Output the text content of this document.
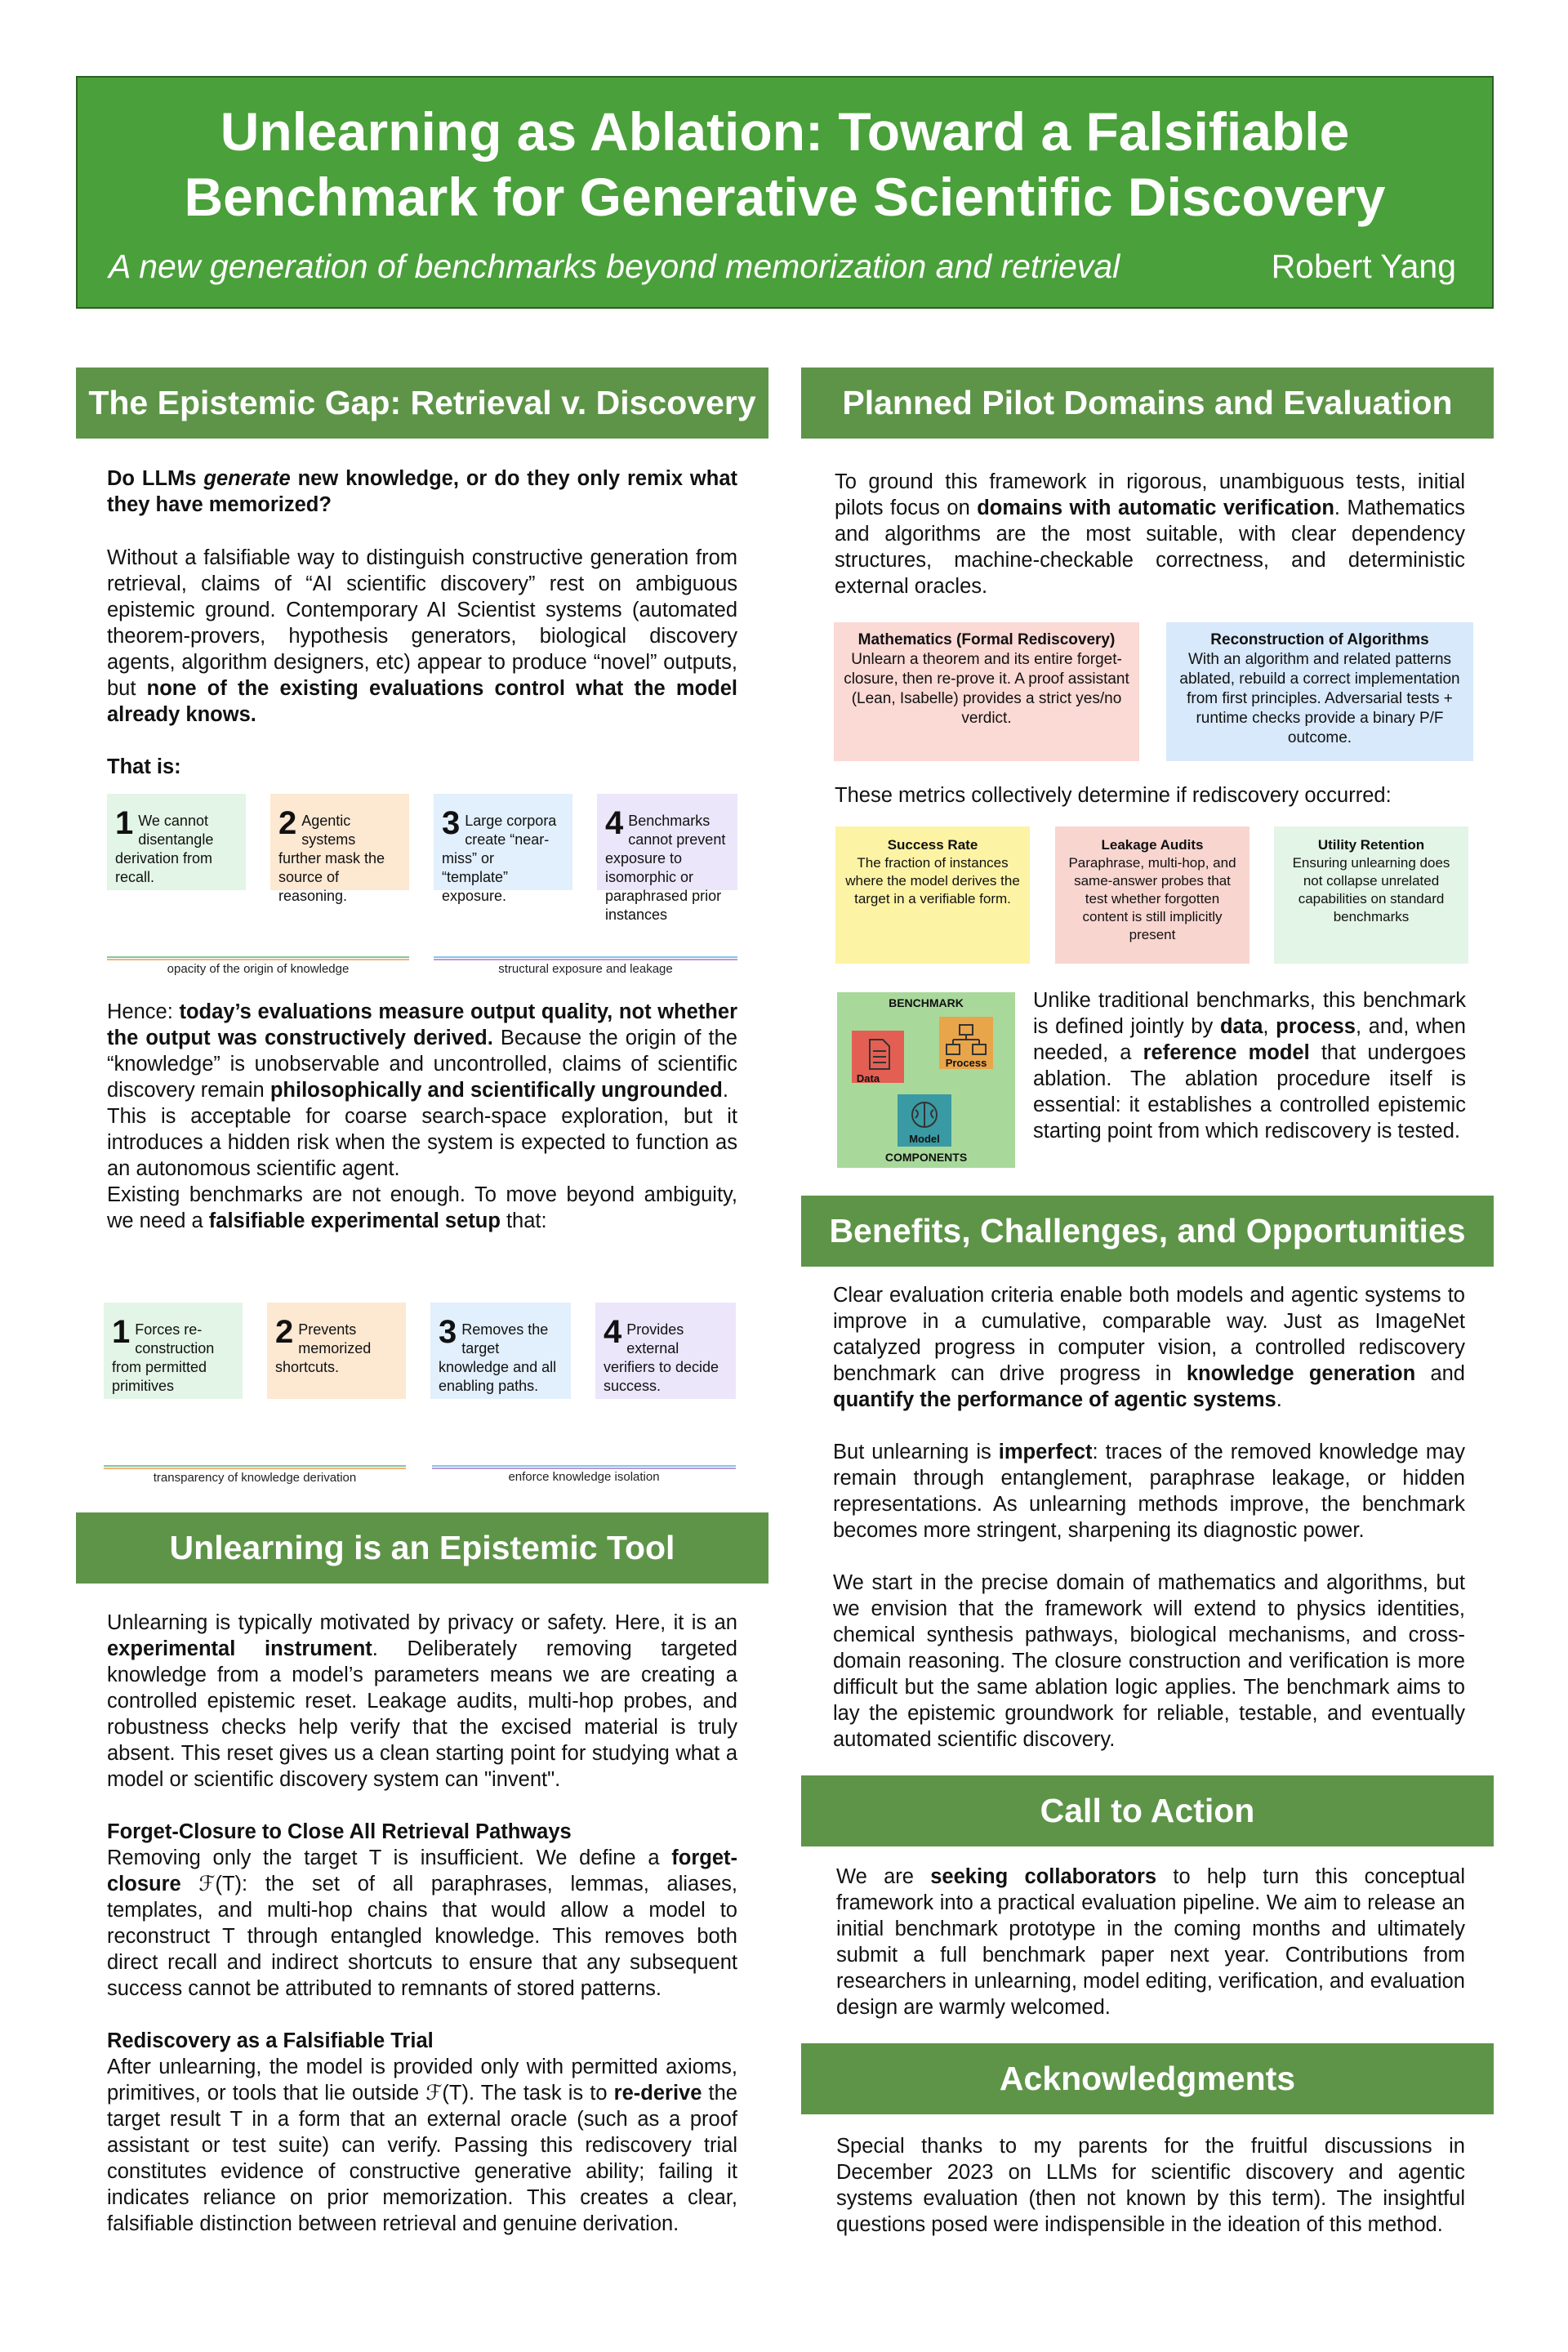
Unlearning as Ablation: Toward a Falsifiable
Benchmark for Generative Scientific Discovery
A new generation of benchmarks beyond memorization and retrieval	Robert Yang
The Epistemic Gap: Retrieval v. Discovery

Do LLMs generate new knowledge, or do they only remix what they have memorized?

Without a falsifiable way to distinguish constructive generation from retrieval, claims of “AI scientific discovery” rest on ambiguous epistemic ground. Contemporary AI Scientist systems (automated theorem-provers, hypothesis generators, biological discovery agents, algorithm designers, etc) appear to produce “novel” outputs, but none of the existing evaluations control what the model already knows.

That is:

1 We cannot disentangle derivation from recall.
2 Agentic systems further mask the source of reasoning.
3 Large corpora create “near-miss” or “template” exposure.
4 Benchmarks cannot prevent exposure to isomorphic or paraphrased prior instances
opacity of the origin of knowledge	structural exposure and leakage

Hence: today’s evaluations measure output quality, not whether the output was constructively derived. Because the origin of the “knowledge” is unobservable and uncontrolled, claims of scientific discovery remain philosophically and scientifically ungrounded.

This is acceptable for coarse search-space exploration, but it introduces a hidden risk when the system is expected to function as an autonomous scientific agent.

Existing benchmarks are not enough. To move beyond ambiguity, we need a falsifiable experimental setup that:

1 Forces re-construction from permitted primitives
2 Prevents memorized shortcuts.
3 Removes the target knowledge and all enabling paths.
4 Provides external verifiers to decide success.
transparency of knowledge derivation	enforce knowledge isolation
Unlearning is an Epistemic Tool

Unlearning is typically motivated by privacy or safety. Here, it is an experimental instrument. Deliberately removing targeted knowledge from a model’s parameters means we are creating a controlled epistemic reset. Leakage audits, multi-hop probes, and robustness checks help verify that the excised material is truly absent. This reset gives us a clean starting point for studying what a model or scientific discovery system can "invent".

Forget-Closure to Close All Retrieval Pathways
Removing only the target T is insufficient. We define a forget-closure ℱ(T): the set of all paraphrases, lemmas, aliases, templates, and multi-hop chains that would allow a model to reconstruct T through entangled knowledge. This removes both direct recall and indirect shortcuts to ensure that any subsequent success cannot be attributed to remnants of stored patterns.

Rediscovery as a Falsifiable Trial
After unlearning, the model is provided only with permitted axioms, primitives, or tools that lie outside ℱ(T). The task is to re-derive the target result T in a form that an external oracle (such as a proof assistant or test suite) can verify. Passing this rediscovery trial constitutes evidence of constructive generative ability; failing it indicates reliance on prior memorization. This creates a clear, falsifiable distinction between retrieval and genuine derivation.

Planned Pilot Domains and Evaluation

To ground this framework in rigorous, unambiguous tests, initial pilots focus on domains with automatic verification. Mathematics and algorithms are the most suitable, with clear dependency structures, machine-checkable correctness, and deterministic external oracles.

Mathematics (Formal Rediscovery)
Unlearn a theorem and its entire forget-closure, then re-prove it. A proof assistant (Lean, Isabelle) provides a strict yes/no verdict.
Reconstruction of Algorithms
With an algorithm and related patterns ablated, rebuild a correct implementation from first principles. Adversarial tests + runtime checks provide a binary P/F outcome.

These metrics collectively determine if rediscovery occurred:

Success Rate
The fraction of instances where the model derives the target in a verifiable form.
Leakage Audits
Paraphrase, multi-hop, and same-answer probes that test whether forgotten content is still implicitly present
Utility Retention
Ensuring unlearning does not collapse unrelated capabilities on standard benchmarks
BENCHMARK
Data
Process
Model
COMPONENTS

Unlike traditional benchmarks, this benchmark is defined jointly by data, process, and, when needed, a reference model that undergoes ablation. The ablation procedure itself is essential: it establishes a controlled epistemic starting point from which rediscovery is tested.

Benefits, Challenges, and Opportunities

Clear evaluation criteria enable both models and agentic systems to improve in a cumulative, comparable way. Just as ImageNet catalyzed progress in computer vision, a controlled rediscovery benchmark can drive progress in knowledge generation and quantify the performance of agentic systems.

But unlearning is imperfect: traces of the removed knowledge may remain through entanglement, paraphrase leakage, or hidden representations. As unlearning methods improve, the benchmark becomes more stringent, sharpening its diagnostic power.

We start in the precise domain of mathematics and algorithms, but we envision that the framework will extend to physics identities, chemical synthesis pathways, biological mechanisms, and cross-domain reasoning. The closure construction and verification is more difficult but the same ablation logic applies. The benchmark aims to lay the epistemic groundwork for reliable, testable, and eventually automated scientific discovery.

Call to Action

We are seeking collaborators to help turn this conceptual framework into a practical evaluation pipeline. We aim to release an initial benchmark prototype in the coming months and ultimately submit a full benchmark paper next year. Contributions from researchers in unlearning, model editing, verification, and evaluation design are warmly welcomed.

Acknowledgments

Special thanks to my parents for the fruitful discussions in December 2023 on LLMs for scientific discovery and agentic systems evaluation (then not known by this term). The insightful questions posed were indispensible in the ideation of this method.
